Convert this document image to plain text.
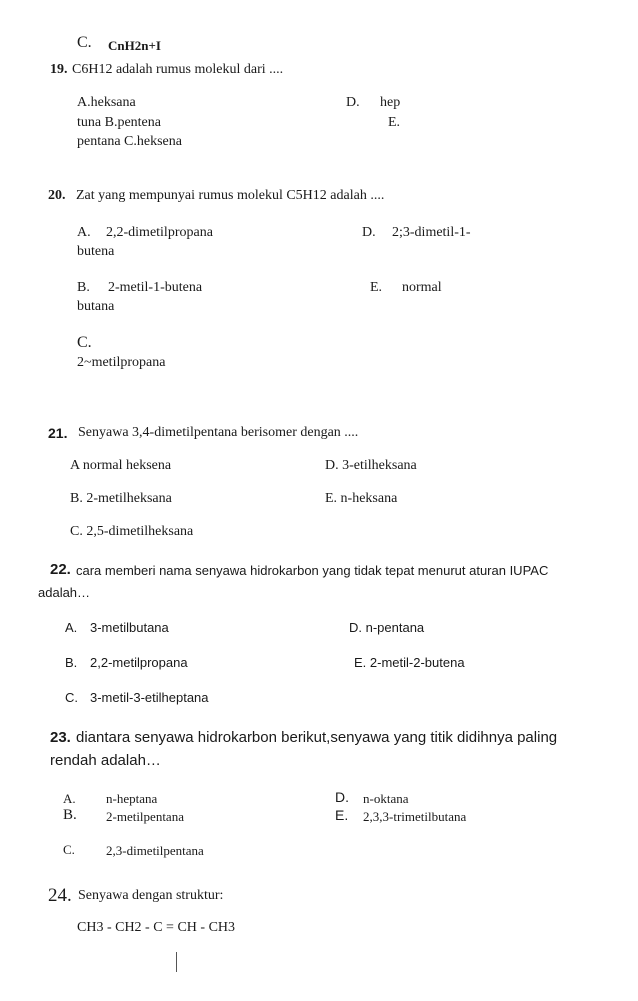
C. CnH2n+I
19. C6H12 adalah rumus molekul dari ....
A.heksana	D. hep
tuna B.pentena	E.
pentana C.heksena
20. Zat yang mempunyai rumus molekul C5H12 adalah ....
A. 2,2-dimetilpropana	D. 2;3-dimetil-1-
butena
B. 2-metil-1-butena	E. normal
butana
C.
2~metilpropana
21. Senyawa 3,4-dimetilpentana berisomer dengan ....
A normal heksena	D. 3-etilheksana
B. 2-metilheksana	E. n-heksana
C. 2,5-dimetilheksana
22. cara memberi nama senyawa hidrokarbon yang tidak tepat menurut aturan IUPAC
adalah…
A. 3-metilbutana	D. n-pentana
B. 2,2-metilpropana	E. 2-metil-2-butena
C. 3-metil-3-etilheptana
23. diantara senyawa hidrokarbon berikut,senyawa yang titik didihnya paling
rendah adalah…
A. n-heptana	D. n-oktana
B. 2-metilpentana	E. 2,3,3-trimetilbutana
C. 2,3-dimetilpentana
24. Senyawa dengan struktur:
CH3 - CH2 - C = CH - CH3
